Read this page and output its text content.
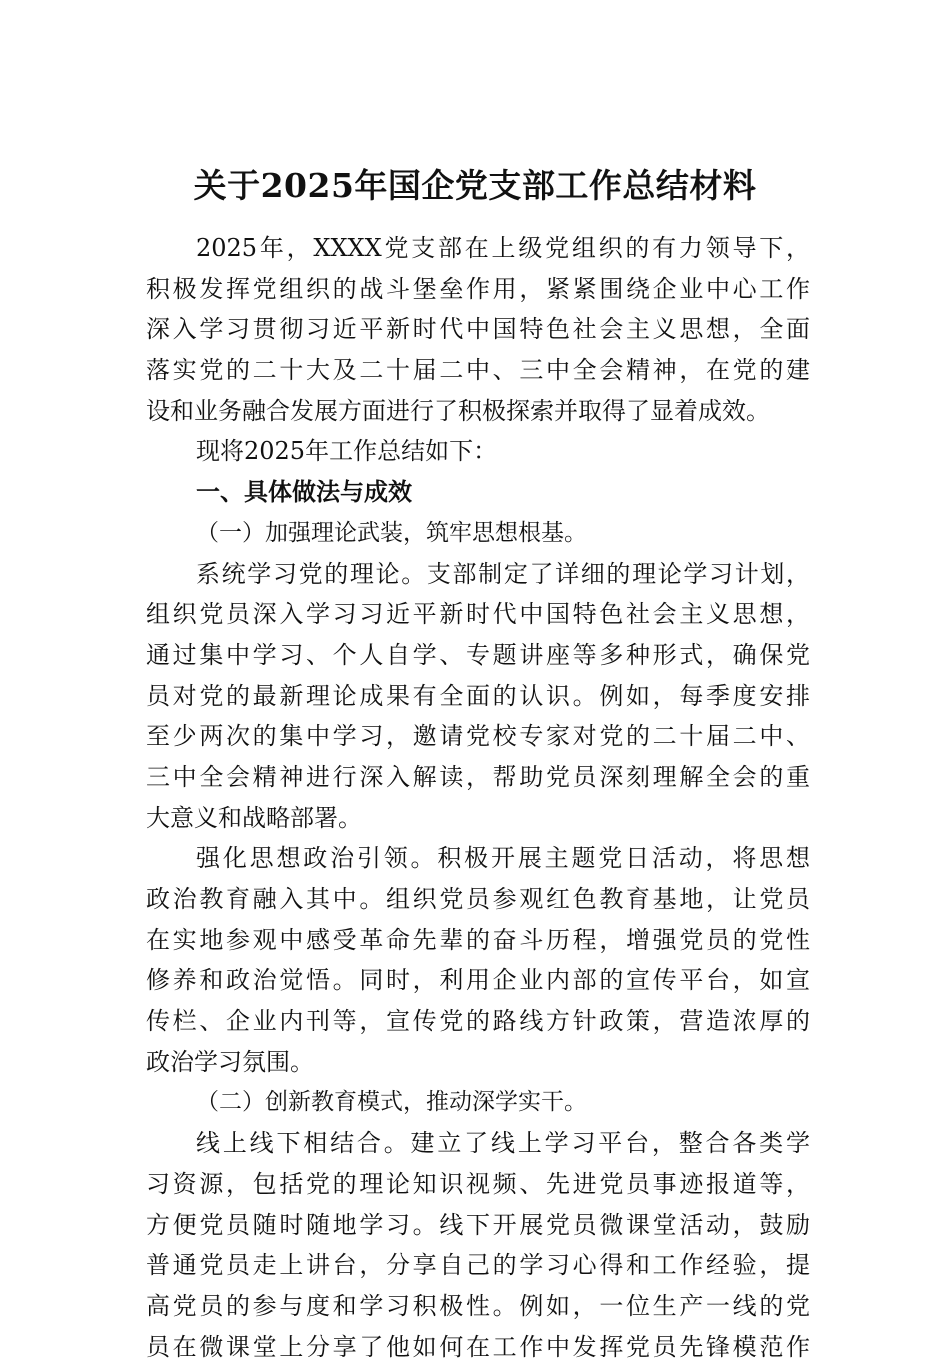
关于2025年国企党支部工作总结材料
2025年，XXXX党支部在上级党组织的有力领导下，
积极发挥党组织的战斗堡垒作用，紧紧围绕企业中心工作
深入学习贯彻习近平新时代中国特色社会主义思想，全面
落实党的二十大及二十届二中、三中全会精神，在党的建
设和业务融合发展方面进行了积极探索并取得了显着成效。
现将2025年工作总结如下：
一、具体做法与成效
（一）加强理论武装，筑牢思想根基。
系统学习党的理论。支部制定了详细的理论学习计划，
组织党员深入学习习近平新时代中国特色社会主义思想，
通过集中学习、个人自学、专题讲座等多种形式，确保党
员对党的最新理论成果有全面的认识。例如，每季度安排
至少两次的集中学习，邀请党校专家对党的二十届二中、
三中全会精神进行深入解读，帮助党员深刻理解全会的重
大意义和战略部署。
强化思想政治引领。积极开展主题党日活动，将思想
政治教育融入其中。组织党员参观红色教育基地，让党员
在实地参观中感受革命先辈的奋斗历程，增强党员的党性
修养和政治觉悟。同时，利用企业内部的宣传平台，如宣
传栏、企业内刊等，宣传党的路线方针政策，营造浓厚的
政治学习氛围。
（二）创新教育模式，推动深学实干。
线上线下相结合。建立了线上学习平台，整合各类学
习资源，包括党的理论知识视频、先进党员事迹报道等，
方便党员随时随地学习。线下开展党员微课堂活动，鼓励
普通党员走上讲台，分享自己的学习心得和工作经验，提
高党员的参与度和学习积极性。例如，一位生产一线的党
员在微课堂上分享了他如何在工作中发挥党员先锋模范作
